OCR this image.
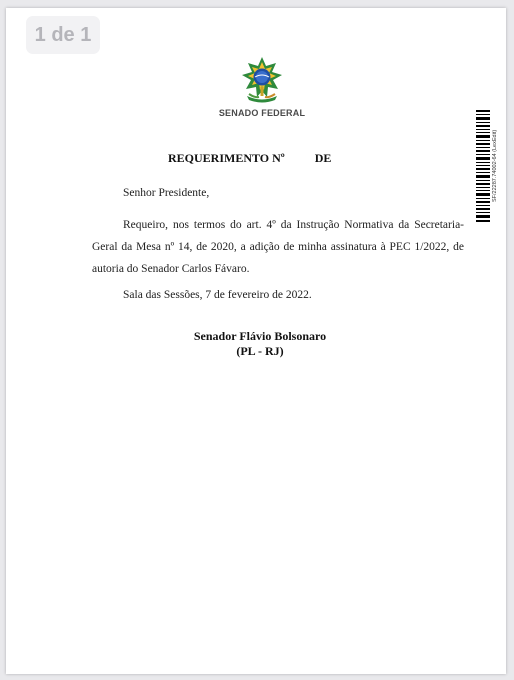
1 de 1
SENADO FEDERAL
SF/22287.74002-64 (LexEdit)
REQUERIMENTO Nº	DE
Senhor Presidente,
Requeiro, nos termos do art. 4º da Instrução Normativa da Secretaria-Geral da Mesa nº 14, de 2020, a adição de minha assinatura à PEC 1/2022, de autoria do Senador Carlos Fávaro.
Sala das Sessões, 7 de fevereiro de 2022.
Senador Flávio Bolsonaro
(PL - RJ)
